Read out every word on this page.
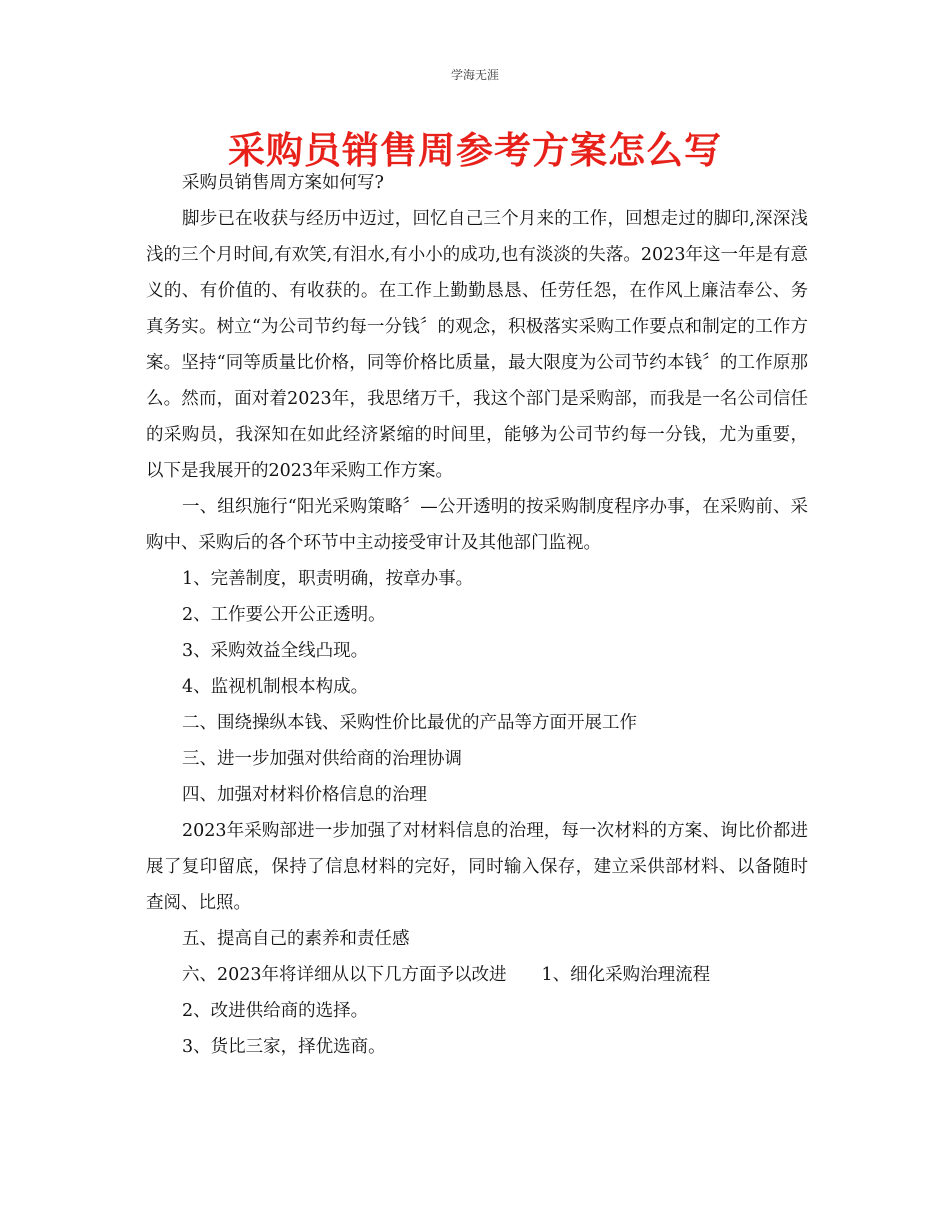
学海无涯
采购员销售周参考方案怎么写

采购员销售周方案如何写?

脚步已在收获与经历中迈过，回忆自己三个月来的工作，回想走过的脚印,深深浅浅的三个月时间,有欢笑,有泪水,有小小的成功,也有淡淡的失落。2023年这一年是有意义的、有价值的、有收获的。在工作上勤勤恳恳、任劳任怨，在作风上廉洁奉公、务真务实。树立“为公司节约每一分钱〞的观念，积极落实采购工作要点和制定的工作方案。坚持“同等质量比价格，同等价格比质量，最大限度为公司节约本钱〞的工作原那么。然而，面对着2023年，我思绪万千，我这个部门是采购部，而我是一名公司信任的采购员，我深知在如此经济紧缩的时间里，能够为公司节约每一分钱，尤为重要，以下是我展开的2023年采购工作方案。

一、组织施行“阳光采购策略〞—公开透明的按采购制度程序办事，在采购前、采购中、采购后的各个环节中主动接受审计及其他部门监视。

1、完善制度，职责明确，按章办事。

2、工作要公开公正透明。

3、采购效益全线凸现。

4、监视机制根本构成。

二、围绕操纵本钱、采购性价比最优的产品等方面开展工作

三、进一步加强对供给商的治理协调

四、加强对材料价格信息的治理

2023年采购部进一步加强了对材料信息的治理，每一次材料的方案、询比价都进展了复印留底，保持了信息材料的完好，同时输入保存，建立采供部材料、以备随时查阅、比照。

五、提高自己的素养和责任感

六、2023年将详细从以下几方面予以改进　　1、细化采购治理流程

2、改进供给商的选择。

3、货比三家，择优选商。
